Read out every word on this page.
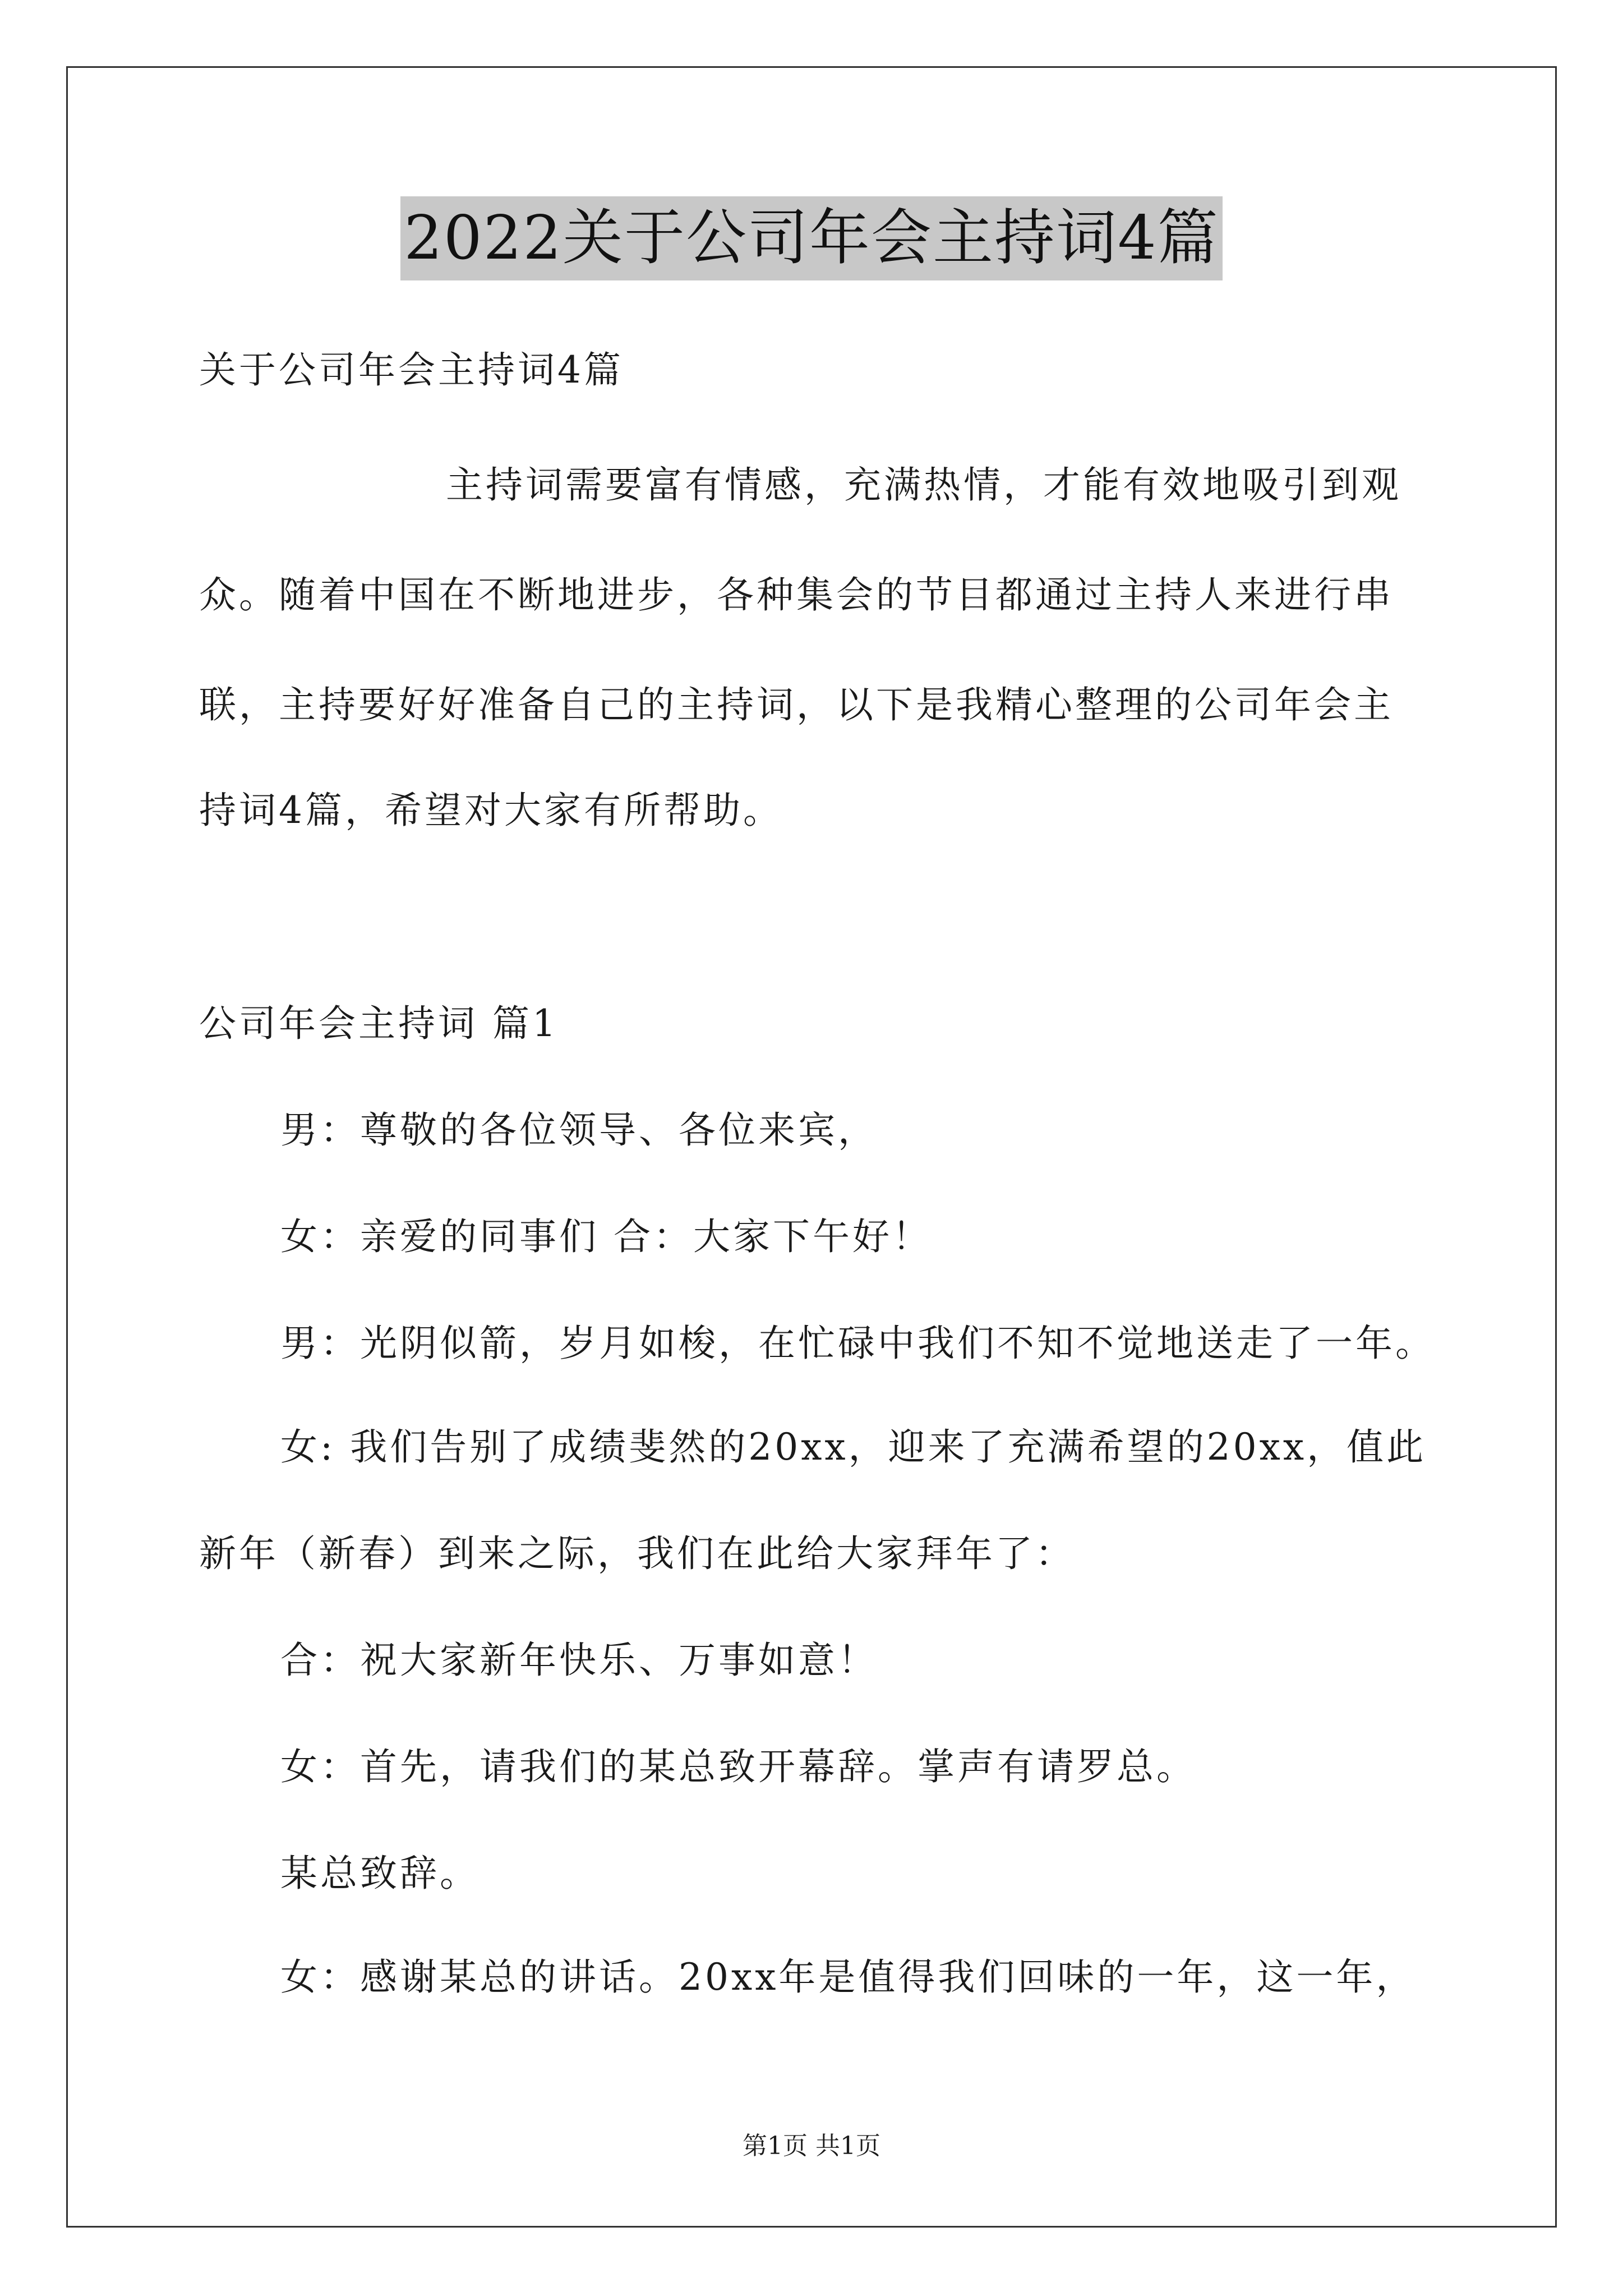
2022关于公司年会主持词4篇
关于公司年会主持词4篇
主持词需要富有情感，充满热情，才能有效地吸引到观
众。随着中国在不断地进步，各种集会的节目都通过主持人来进行串
联，主持要好好准备自己的主持词，以下是我精心整理的公司年会主
持词4篇，希望对大家有所帮助。
公司年会主持词 篇1
男：尊敬的各位领导、各位来宾，
女：亲爱的同事们 合：大家下午好！
男：光阴似箭，岁月如梭，在忙碌中我们不知不觉地送走了一年。
女: 我们告别了成绩斐然的20xx，迎来了充满希望的20xx，值此
新年（新春）到来之际，我们在此给大家拜年了：
合：祝大家新年快乐、万事如意！
女：首先，请我们的某总致开幕辞。掌声有请罗总。
某总致辞。
女：感谢某总的讲话。20xx年是值得我们回味的一年，这一年，
第1页 共1页
